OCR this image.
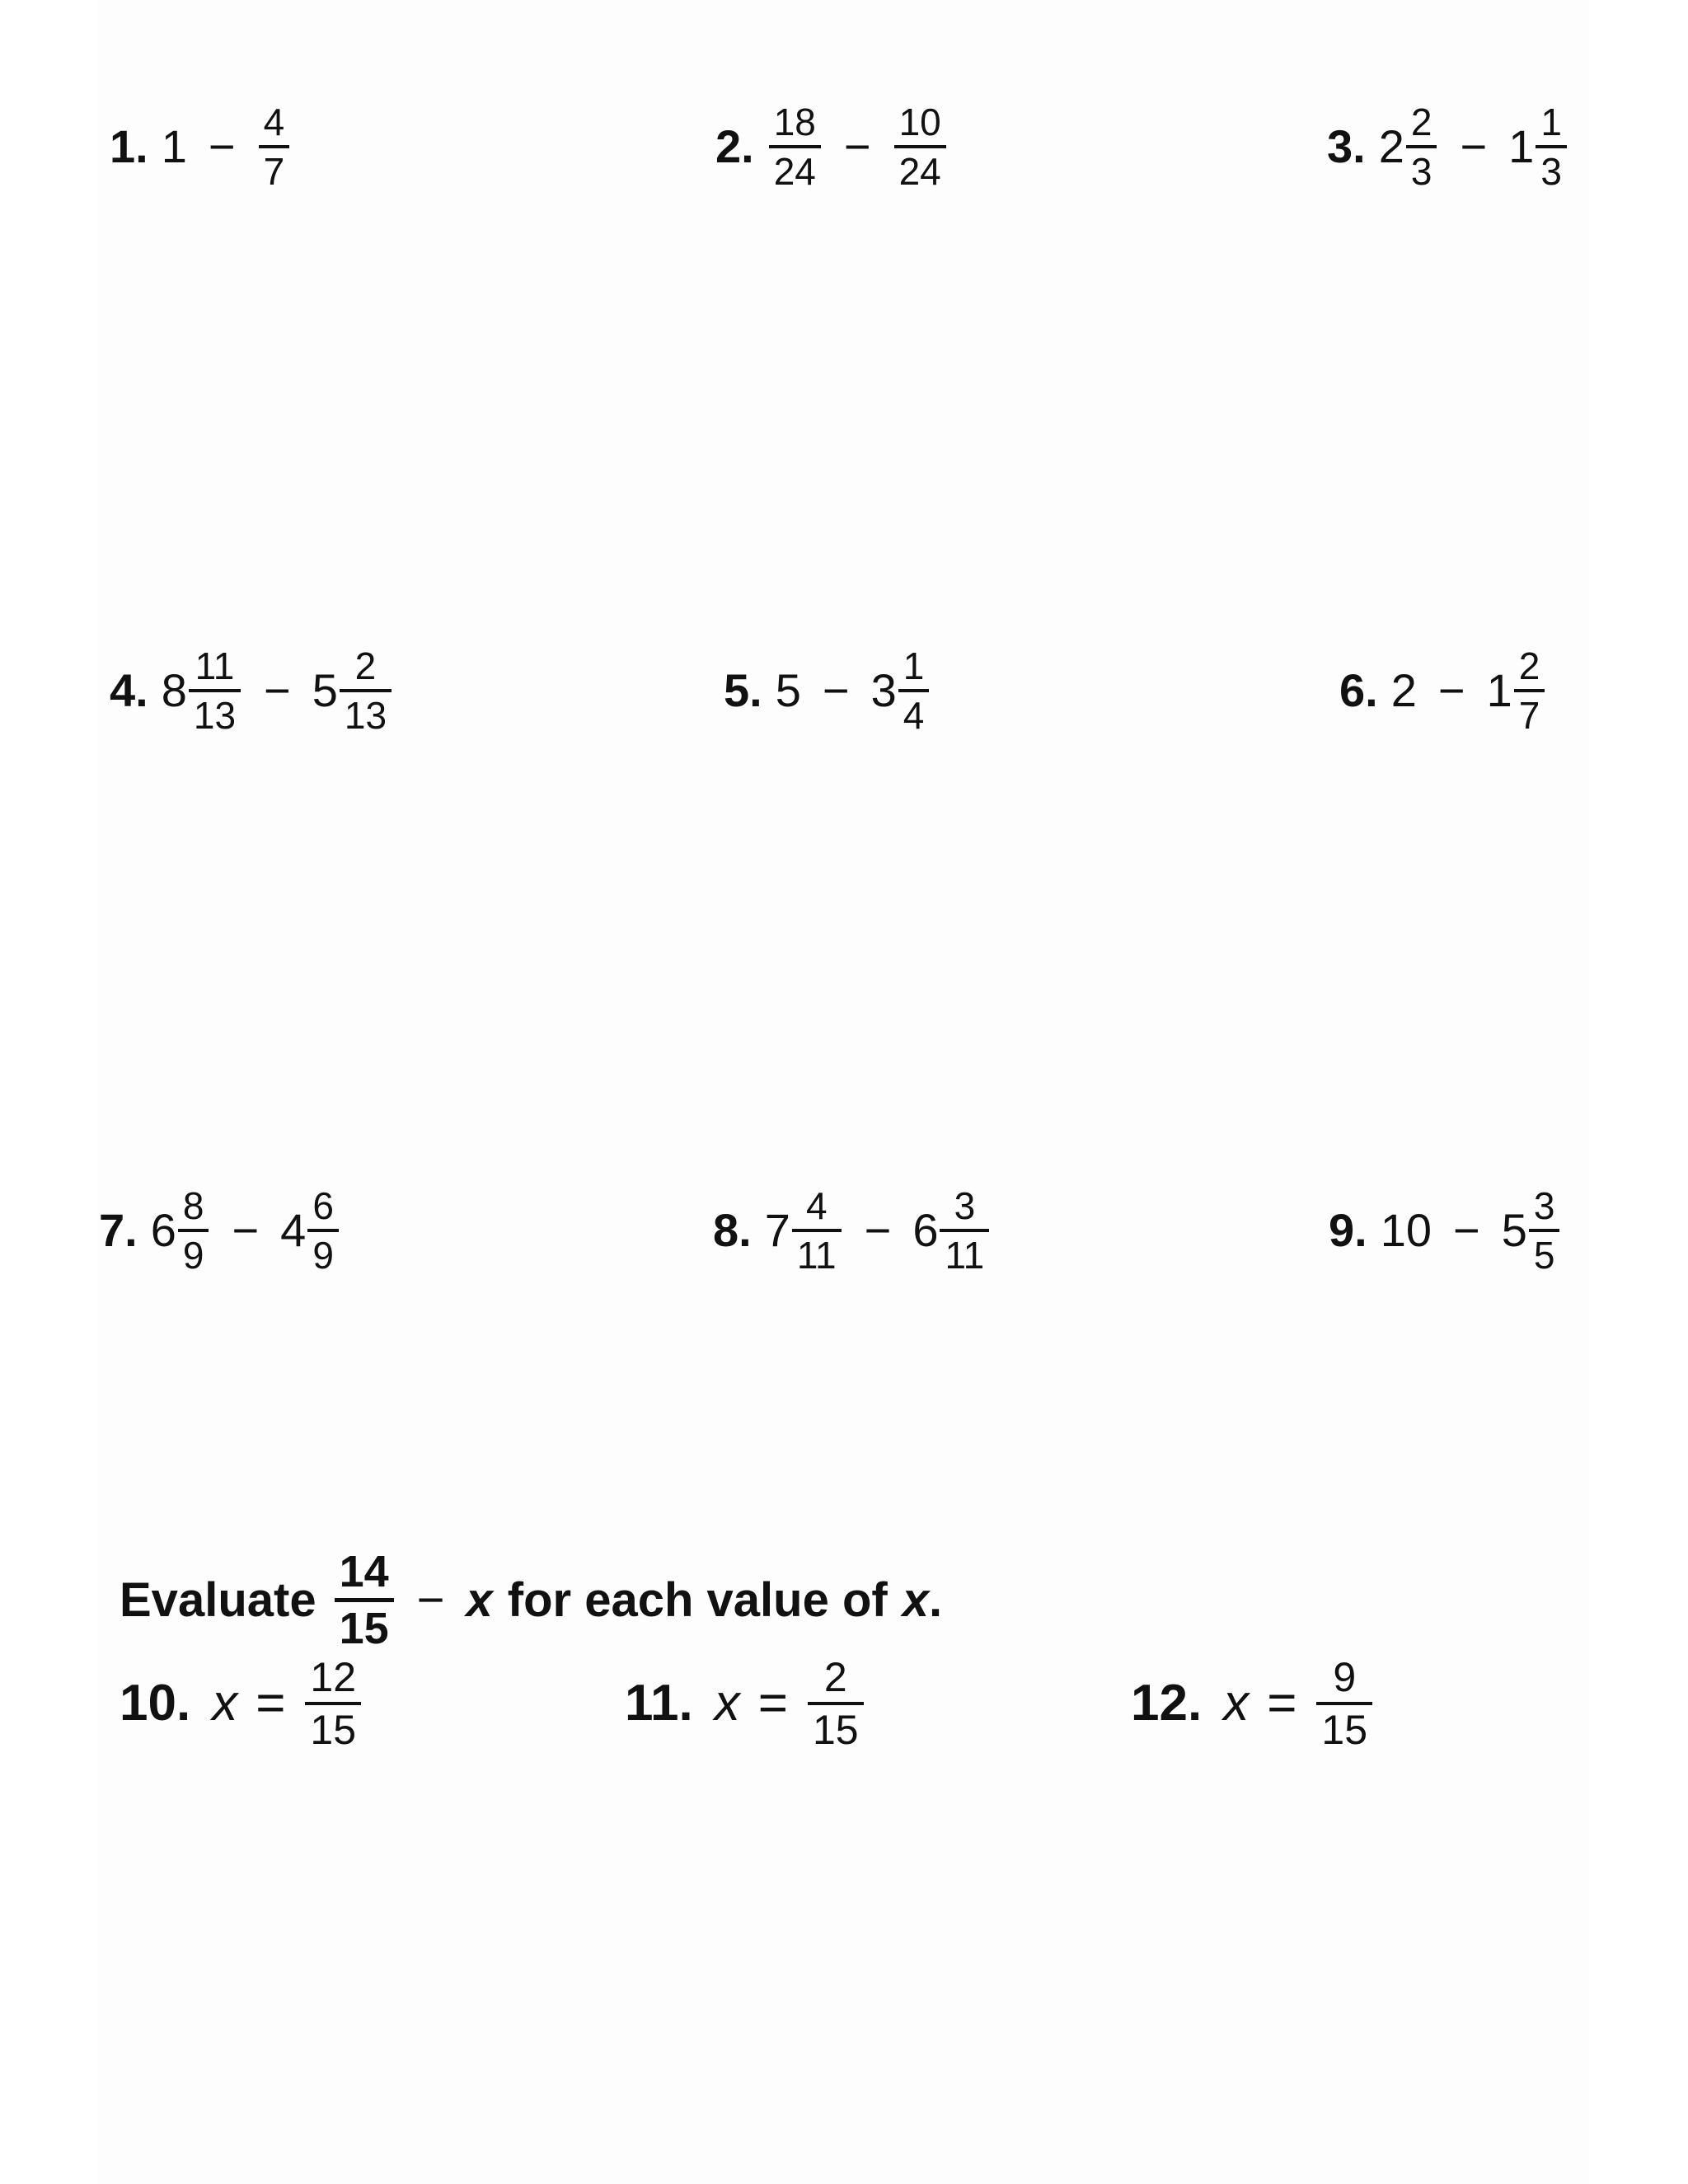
1. $1 - \frac{4}{7}$	2. $\frac{18}{24} - \frac{10}{24}$	3. $2 \frac{2}{3} - 1 \frac{1}{3}$
4. $8 \frac{11}{13} - 5 \frac{2}{13}$	5. $5 - 3 \frac{1}{4}$	6. $2 - 1 \frac{2}{7}$
7. $6 \frac{8}{9} - 4 \frac{6}{9}$	8. $7 \frac{4}{11} - 6 \frac{3}{11}$	9. $10 - 5 \frac{3}{5}$
Evaluate $\frac{14}{15} - x$ for each value of x .
10. $x = \frac{12}{15}$	11. $x = \frac{2}{15}$	12. $x = \frac{9}{15}$
